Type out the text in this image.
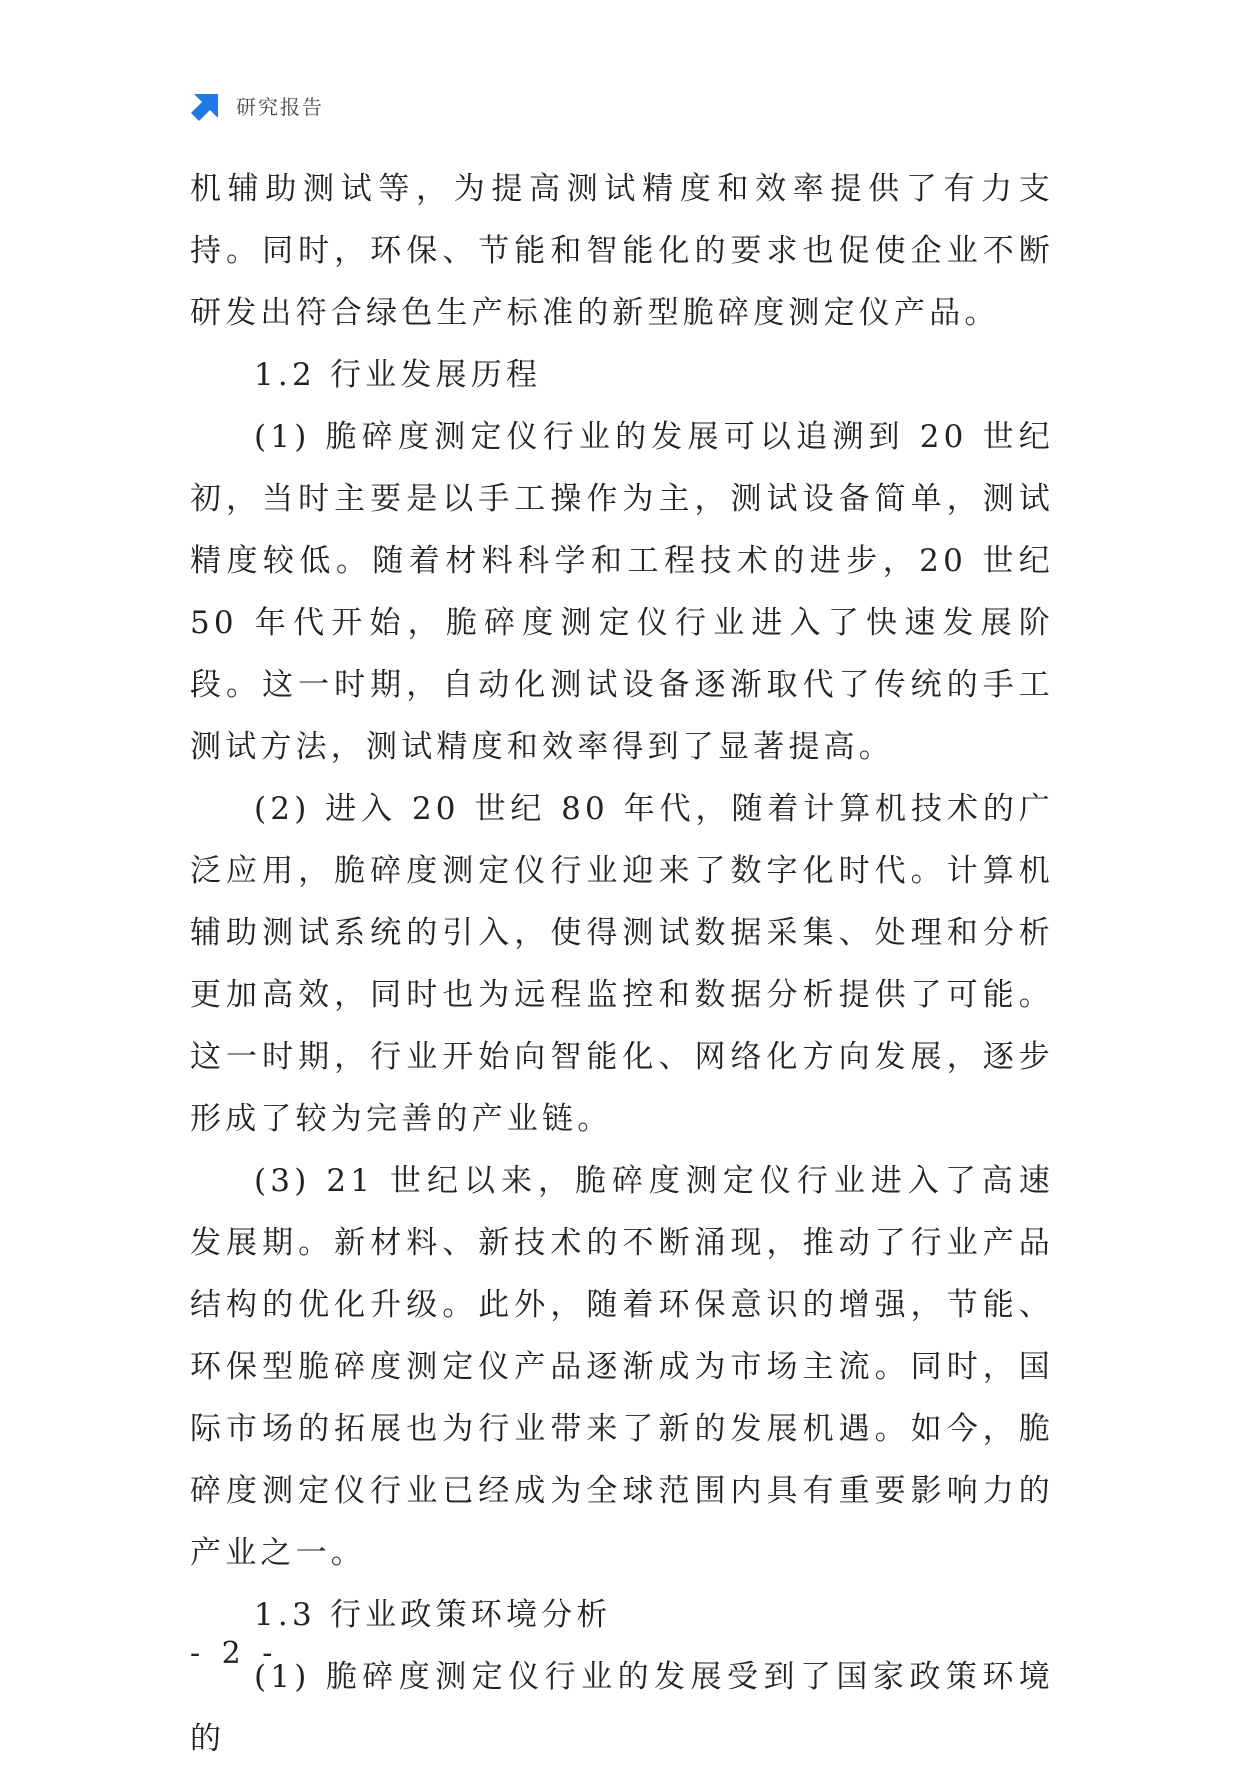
研究报告

机辅助测试等，为提高测试精度和效率提供了有力支持。同时，环保、节能和智能化的要求也促使企业不断研发出符合绿色生产标准的新型脆碎度测定仪产品。

1.2 行业发展历程

(1) 脆碎度测定仪行业的发展可以追溯到 20 世纪初，当时主要是以手工操作为主，测试设备简单，测试精度较低。随着材料科学和工程技术的进步，20 世纪 50 年代开始，脆碎度测定仪行业进入了快速发展阶段。这一时期，自动化测试设备逐渐取代了传统的手工测试方法，测试精度和效率得到了显著提高。

(2) 进入 20 世纪 80 年代，随着计算机技术的广泛应用，脆碎度测定仪行业迎来了数字化时代。计算机辅助测试系统的引入，使得测试数据采集、处理和分析更加高效，同时也为远程监控和数据分析提供了可能。这一时期，行业开始向智能化、网络化方向发展，逐步形成了较为完善的产业链。

(3) 21 世纪以来，脆碎度测定仪行业进入了高速发展期。新材料、新技术的不断涌现，推动了行业产品结构的优化升级。此外，随着环保意识的增强，节能、环保型脆碎度测定仪产品逐渐成为市场主流。同时，国际市场的拓展也为行业带来了新的发展机遇。如今，脆碎度测定仪行业已经成为全球范围内具有重要影响力的产业之一。

1.3 行业政策环境分析

(1) 脆碎度测定仪行业的发展受到了国家政策环境的

- 2 -
